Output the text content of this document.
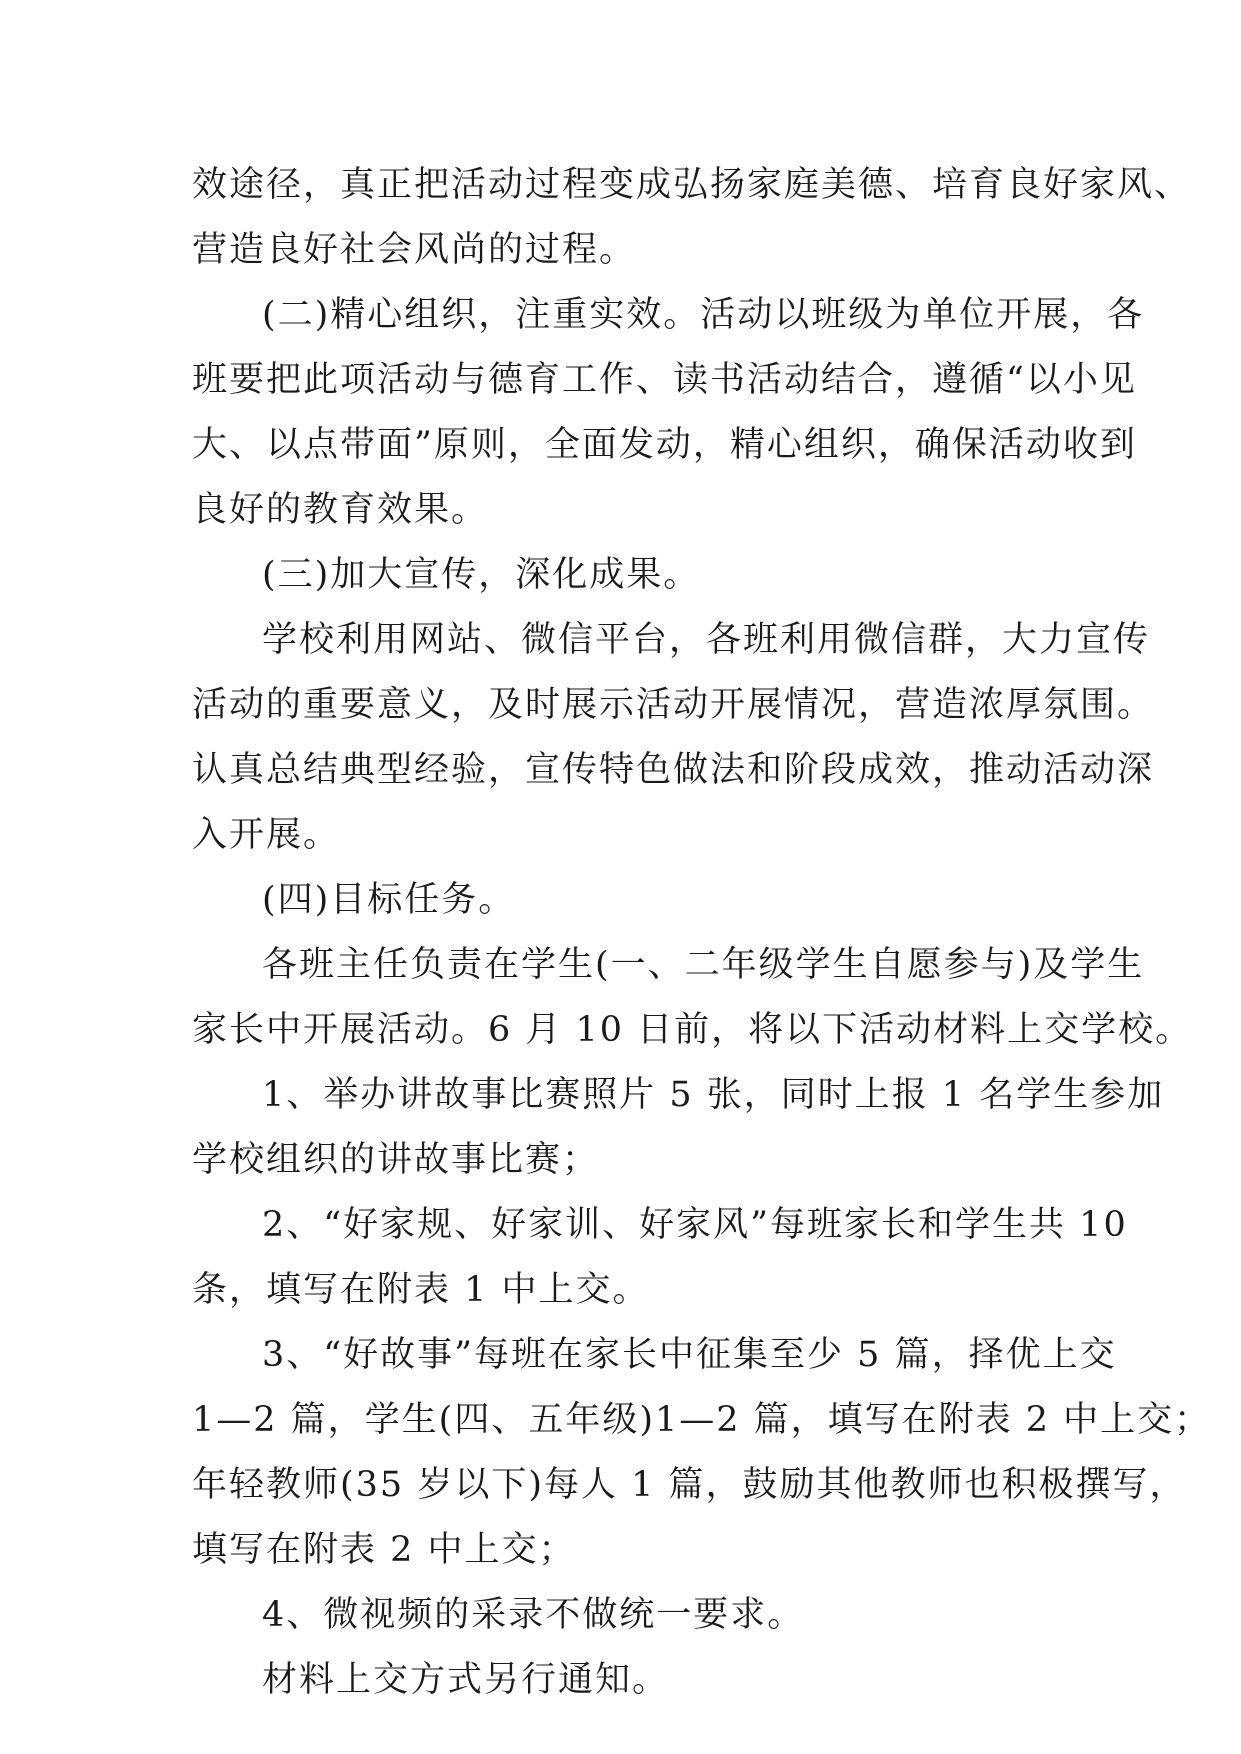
效途径，真正把活动过程变成弘扬家庭美德、培育良好家风、
营造良好社会风尚的过程。
(二)精心组织，注重实效。活动以班级为单位开展，各
班要把此项活动与德育工作、读书活动结合，遵循“以小见
大、以点带面”原则，全面发动，精心组织，确保活动收到
良好的教育效果。
(三)加大宣传，深化成果。
学校利用网站、微信平台，各班利用微信群，大力宣传
活动的重要意义，及时展示活动开展情况，营造浓厚氛围。
认真总结典型经验，宣传特色做法和阶段成效，推动活动深
入开展。
(四)目标任务。
各班主任负责在学生(一、二年级学生自愿参与)及学生
家长中开展活动。6 月 10 日前，将以下活动材料上交学校。
1、举办讲故事比赛照片 5 张，同时上报 1 名学生参加
学校组织的讲故事比赛；
2、“好家规、好家训、好家风”每班家长和学生共 10
条，填写在附表 1 中上交。
3、“好故事”每班在家长中征集至少 5 篇，择优上交
1—2 篇，学生(四、五年级)1—2 篇，填写在附表 2 中上交；
年轻教师(35 岁以下)每人 1 篇，鼓励其他教师也积极撰写，
填写在附表 2 中上交；
4、微视频的采录不做统一要求。
材料上交方式另行通知。
